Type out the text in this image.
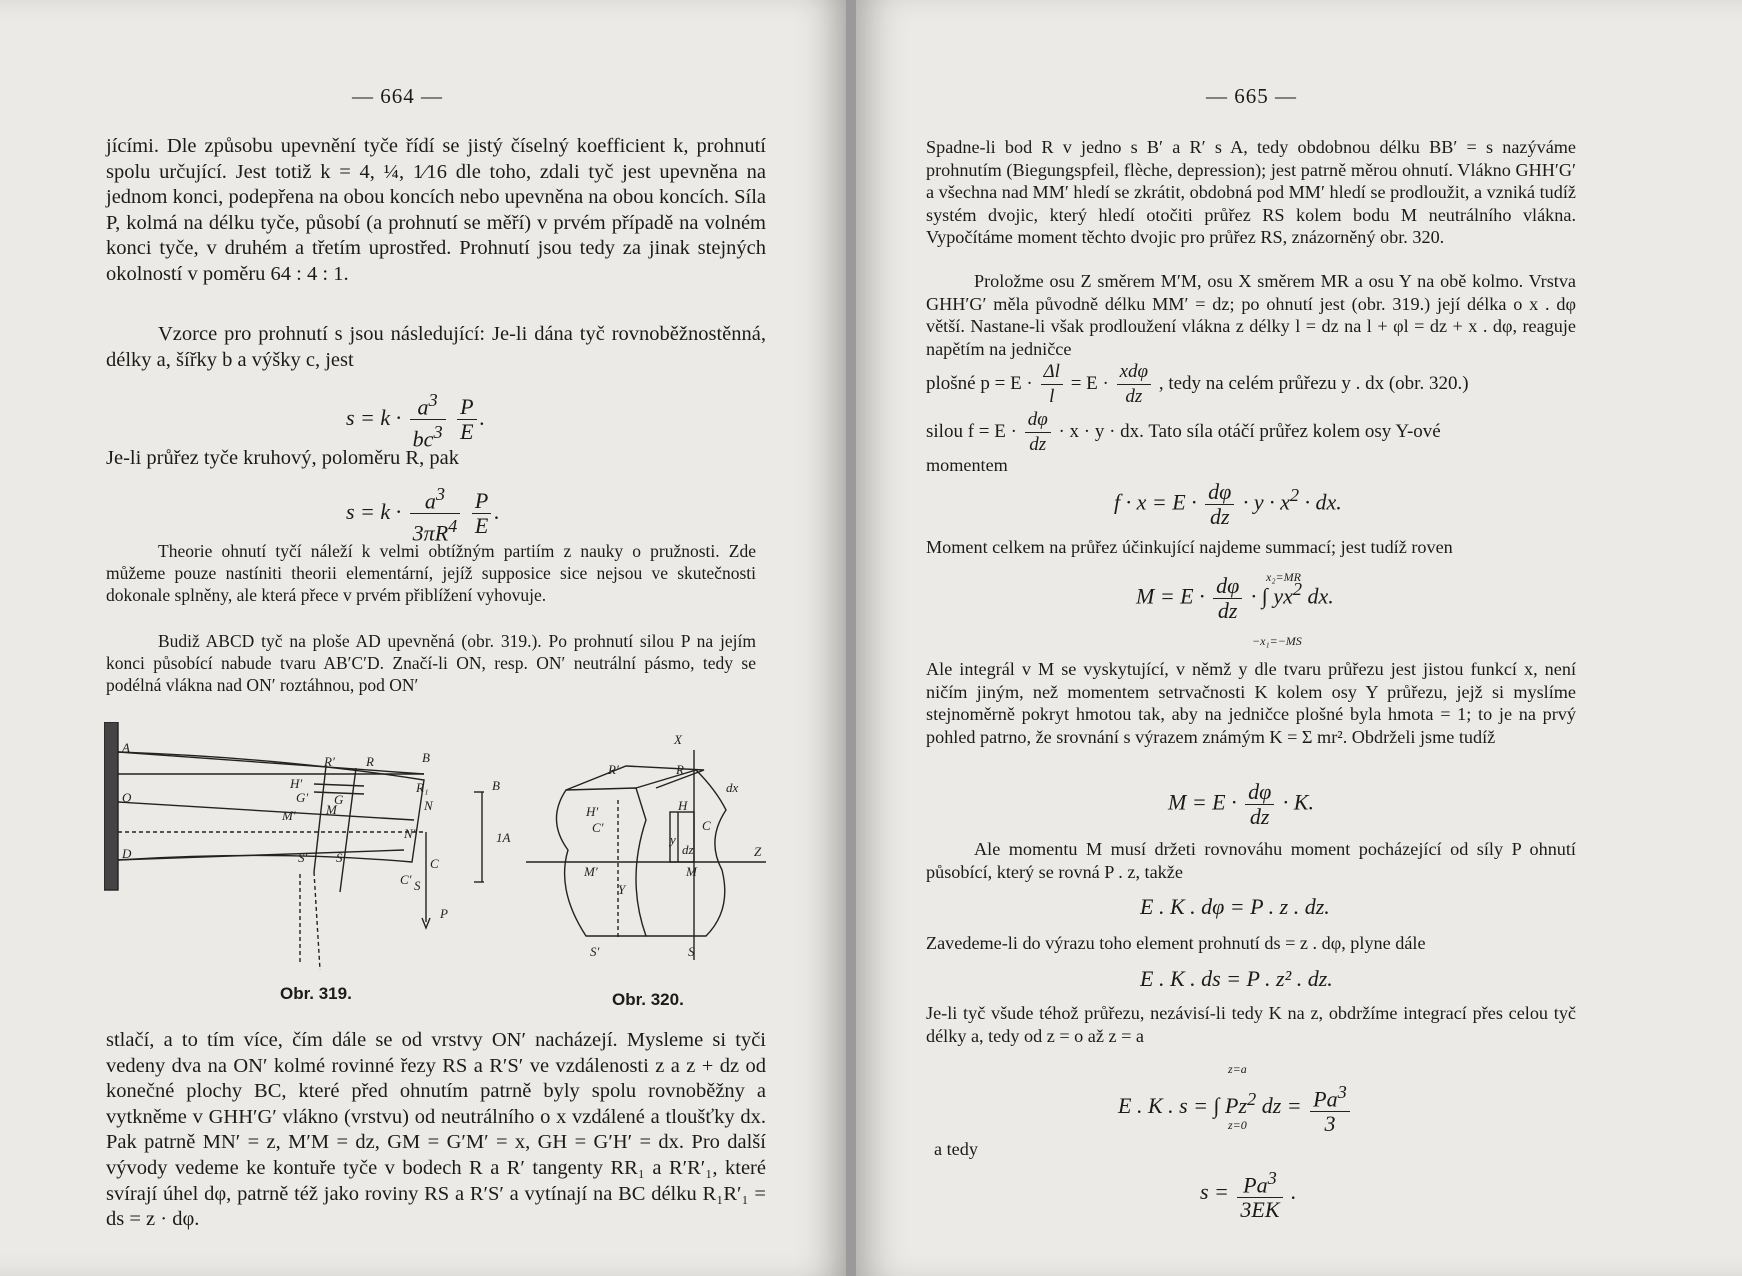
— 664 —
jícími. Dle způsobu upevnění tyče řídí se jistý číselný koefficient k, prohnutí spolu určující. Jest totiž k = 4, ¼, 1⁄16 dle toho, zdali tyč jest upevněna na jednom konci, podepřena na obou koncích nebo upevněna na obou koncích. Síla P, kolmá na délku tyče, působí (a prohnutí se měří) v prvém případě na volném konci tyče, v druhém a třetím uprostřed. Prohnutí jsou tedy za jinak stejných okolností v poměru 64 : 4 : 1.
Vzorce pro prohnutí s jsou následující: Je-li dána tyč rovnoběžnostěnná, délky a, šířky b a výšky c, jest
$s = k \cdot \frac{a^3}{bc^3}$
$\frac{P}{E}$ .
Je-li průřez tyče kruhový, poloměru R, pak
$s = k \cdot \frac{a^3}{3\pi R^4}$
$\frac{P}{E}$ .
Theorie ohnutí tyčí náleží k velmi obtížným partiím z nauky o pružnosti. Zde můžeme pouze nastíniti theorii elementární, jejíž supposice sice nejsou ve skutečnosti dokonale splněny, ale která přece v prvém přiblížení vyhovuje.
Budiž ABCD tyč na ploše AD upevněná (obr. 319.). Po prohnutí silou P na jejím konci působící nabude tvaru AB′C′D. Značí-li ON, resp. ON′ neutrální pásmo, tedy se podélná vlákna nad ON′ roztáhnou, pod ON′
A
O
D
B
R₁
N
R′ R
H′
G′ G
M
M′
N′
C
S′ S
C′
P
B
1A
S
Obr. 319.
X
R′	R
H′
C′
H
C
dz
y
M
M′
Y
Z
S′	S
dx
Obr. 320.
stlačí, a to tím více, čím dále se od vrstvy ON′ nacházejí. Mysleme si tyči vedeny dva na ON′ kolmé rovinné řezy RS a R′S′ ve vzdálenosti z a z + dz od konečné plochy BC, které před ohnutím patrně byly spolu rovnoběžny a vytkněme v GHH′G′ vlákno (vrstvu) od neutrálního o x vzdálené a tloušťky dx. Pak patrně MN′ = z, M′M = dz, GM = G′M′ = x, GH = G′H′ = dx. Pro další vývody vedeme ke kontuře tyče v bodech R a R′ tangenty RR₁ a R′R′₁, které svírají úhel dφ, patrně též jako roviny RS a R′S′ a vytínají na BC délku R₁R′₁ = ds = z · dφ.
— 665 —
Spadne-li bod R v jedno s B′ a R′ s A, tedy obdobnou délku BB′ = s nazýváme prohnutím (Biegungspfeil, flèche, depression); jest patrně měrou ohnutí. Vlákno GHH′G′ a všechna nad MM′ hledí se zkrátit, obdobná pod MM′ hledí se prodloužit, a vzniká tudíž systém dvojic, který hledí otočiti průřez RS kolem bodu M neutrálního vlákna. Vypočítáme moment těchto dvojic pro průřez RS, znázorněný obr. 320.
Proložme osu Z směrem M′M, osu X směrem MR a osu Y na obě kolmo. Vrstva GHH′G′ měla původně délku MM′ = dz; po ohnutí jest (obr. 319.) její délka o x . dφ větší. Nastane-li však prodloužení vlákna z délky l = dz na l + φl = dz + x . dφ, reaguje napětím na jedničce
plošné $p = E \cdot \frac{\Delta l}{l} = E \cdot \frac{\text{xdφ}}{dz}$ , tedy na celém průřezu y . dx (obr. 320.)
silou $f = E \cdot \frac{d\varphi}{dz} \cdot x \cdot y$ · dx. Tato síla otáčí průřez kolem osy Y-ové
momentem
$f \cdot x = E \cdot \frac{d\varphi}{dz} \cdot y \cdot x^2$ · dx.
Moment celkem na průřez účinkující najdeme summací; jest tudíž roven
$M = E \cdot \frac{d\varphi}{dz}$ · ∫ $yx^2$ dx.
x₂=MR
−x₁=−MS
Ale integrál v M se vyskytující, v němž y dle tvaru průřezu jest jistou funkcí x, není ničím jiným, než momentem setrvačnosti K kolem osy Y průřezu, jejž si myslíme stejnoměrně pokryt hmotou tak, aby na jedničce plošné byla hmota = 1; to je na prvý pohled patrno, že srovnání s výrazem známým K = Σ mr². Obdrželi jsme tudíž
$M = E \cdot \frac{d\varphi}{dz} \cdot K$.
Ale momentu M musí držeti rovnováhu moment pocházející od síly P ohnutí působící, který se rovná P . z, takže
E . K . dφ = P . z . dz.
Zavedeme-li do výrazu toho element prohnutí ds = z . dφ, plyne dále
E . K . ds = P . z² . dz.
Je-li tyč všude téhož průřezu, nezávisí-li tedy K na z, obdržíme integrací přes celou tyč délky a, tedy od z = o až z = a
z=a
E . K . s = ∫ Pz$^2$ dz = $\frac{Pa^3}{3}$
z=0
a tedy
$s = \frac{Pa^3}{3EK}$ .
